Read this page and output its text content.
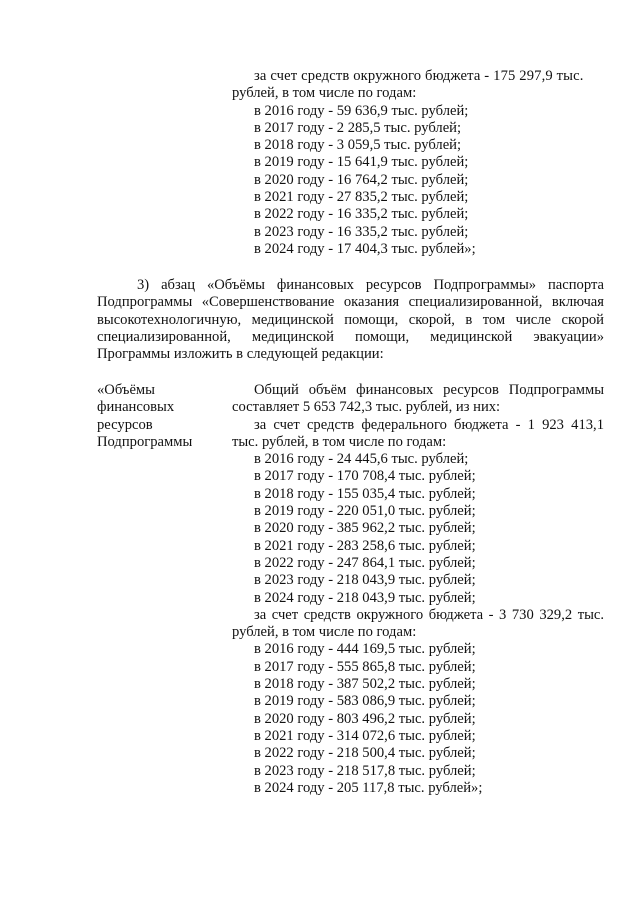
за счет средств окружного бюджета - 175 297,9 тыс.
рублей, в том числе по годам:
в 2016 году - 59 636,9 тыс. рублей;
в 2017 году - 2 285,5 тыс. рублей;
в 2018 году - 3 059,5 тыс. рублей;
в 2019 году - 15 641,9 тыс. рублей;
в 2020 году - 16 764,2 тыс. рублей;
в 2021 году - 27 835,2 тыс. рублей;
в 2022 году - 16 335,2 тыс. рублей;
в 2023 году - 16 335,2 тыс. рублей;
в 2024 году - 17 404,3 тыс. рублей»;
3) абзац «Объёмы финансовых ресурсов Подпрограммы» паспорта
Подпрограммы «Совершенствование оказания специализированной, включая
высокотехнологичную, медицинской помощи, скорой, в том числе скорой
специализированной, медицинской помощи, медицинской эвакуации»
Программы изложить в следующей редакции:
«Объёмы
финансовых
ресурсов
Подпрограммы
Общий объём финансовых ресурсов Подпрограммы
составляет 5 653 742,3 тыс. рублей, из них:
за счет средств федерального бюджета - 1 923 413,1
тыс. рублей, в том числе по годам:
в 2016 году - 24 445,6 тыс. рублей;
в 2017 году - 170 708,4 тыс. рублей;
в 2018 году - 155 035,4 тыс. рублей;
в 2019 году - 220 051,0 тыс. рублей;
в 2020 году - 385 962,2 тыс. рублей;
в 2021 году - 283 258,6 тыс. рублей;
в 2022 году - 247 864,1 тыс. рублей;
в 2023 году - 218 043,9 тыс. рублей;
в 2024 году - 218 043,9 тыс. рублей;
за счет средств окружного бюджета - 3 730 329,2 тыс.
рублей, в том числе по годам:
в 2016 году - 444 169,5 тыс. рублей;
в 2017 году - 555 865,8 тыс. рублей;
в 2018 году - 387 502,2 тыс. рублей;
в 2019 году - 583 086,9 тыс. рублей;
в 2020 году - 803 496,2 тыс. рублей;
в 2021 году - 314 072,6 тыс. рублей;
в 2022 году - 218 500,4 тыс. рублей;
в 2023 году - 218 517,8 тыс. рублей;
в 2024 году - 205 117,8 тыс. рублей»;
